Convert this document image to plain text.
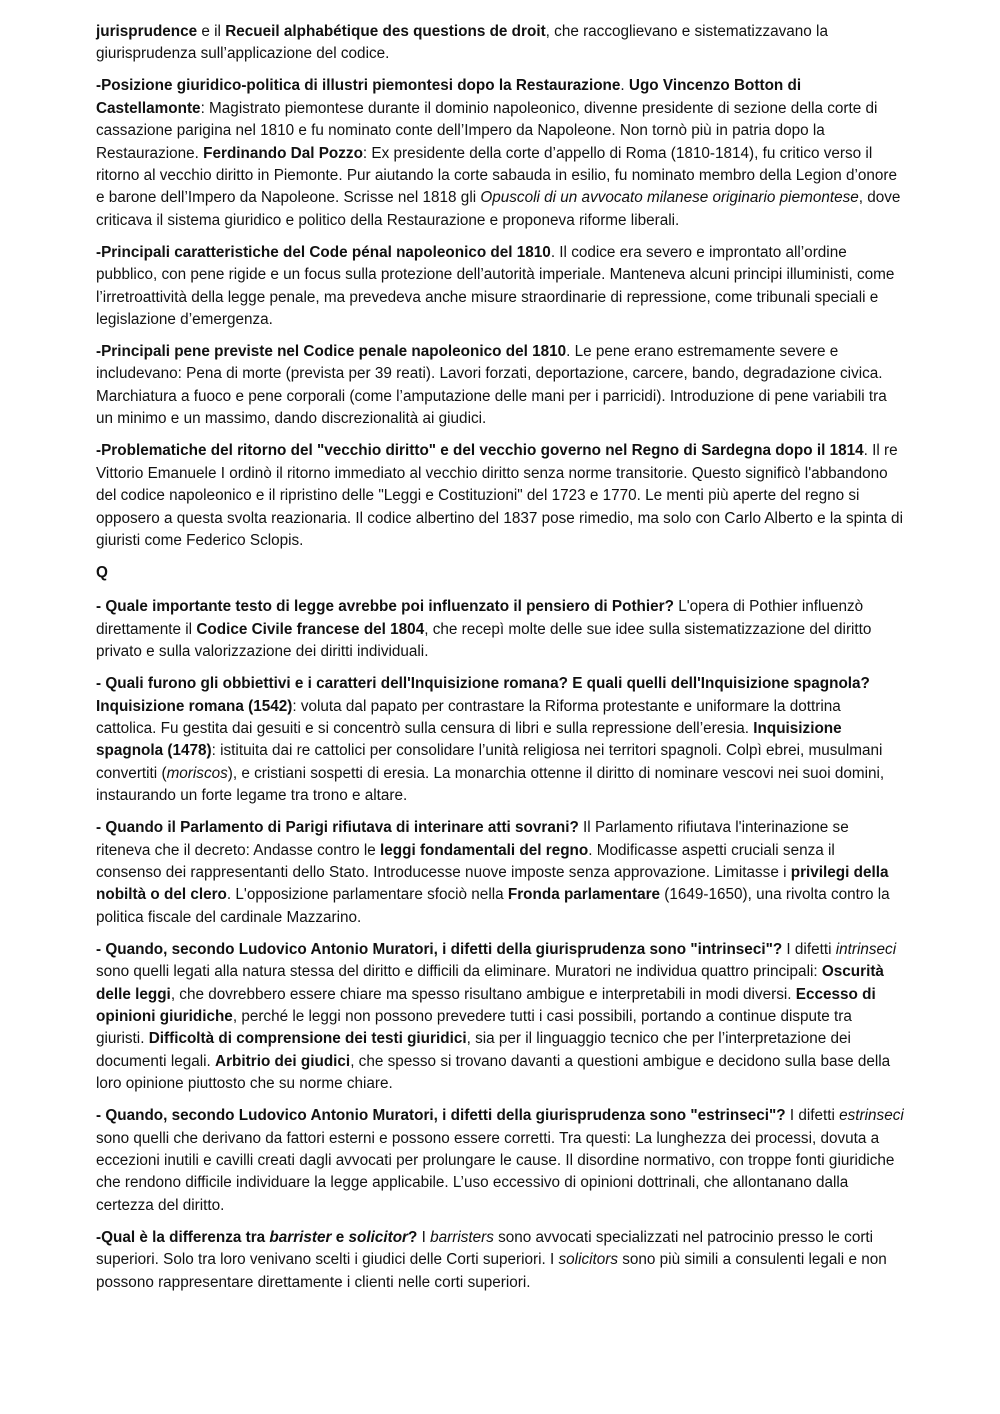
jurisprudence e il Recueil alphabétique des questions de droit, che raccoglievano e sistematizzavano la giurisprudenza sull’applicazione del codice.

-Posizione giuridico-politica di illustri piemontesi dopo la Restaurazione. Ugo Vincenzo Botton di Castellamonte: Magistrato piemontese durante il dominio napoleonico, divenne presidente di sezione della corte di cassazione parigina nel 1810 e fu nominato conte dell’Impero da Napoleone. Non tornò più in patria dopo la Restaurazione. Ferdinando Dal Pozzo: Ex presidente della corte d’appello di Roma (1810-1814), fu critico verso il ritorno al vecchio diritto in Piemonte. Pur aiutando la corte sabauda in esilio, fu nominato membro della Legion d’onore e barone dell’Impero da Napoleone. Scrisse nel 1818 gli Opuscoli di un avvocato milanese originario piemontese, dove criticava il sistema giuridico e politico della Restaurazione e proponeva riforme liberali.

-Principali caratteristiche del Code pénal napoleonico del 1810. Il codice era severo e improntato all’ordine pubblico, con pene rigide e un focus sulla protezione dell’autorità imperiale. Manteneva alcuni principi illuministi, come l’irretroattività della legge penale, ma prevedeva anche misure straordinarie di repressione, come tribunali speciali e legislazione d’emergenza.

-Principali pene previste nel Codice penale napoleonico del 1810. Le pene erano estremamente severe e includevano: Pena di morte (prevista per 39 reati). Lavori forzati, deportazione, carcere, bando, degradazione civica. Marchiatura a fuoco e pene corporali (come l’amputazione delle mani per i parricidi). Introduzione di pene variabili tra un minimo e un massimo, dando discrezionalità ai giudici.

-Problematiche del ritorno del "vecchio diritto" e del vecchio governo nel Regno di Sardegna dopo il 1814. Il re Vittorio Emanuele I ordinò il ritorno immediato al vecchio diritto senza norme transitorie. Questo significò l'abbandono del codice napoleonico e il ripristino delle "Leggi e Costituzioni" del 1723 e 1770. Le menti più aperte del regno si opposero a questa svolta reazionaria. Il codice albertino del 1837 pose rimedio, ma solo con Carlo Alberto e la spinta di giuristi come Federico Sclopis.

Q

- Quale importante testo di legge avrebbe poi influenzato il pensiero di Pothier? L'opera di Pothier influenzò direttamente il Codice Civile francese del 1804, che recepì molte delle sue idee sulla sistematizzazione del diritto privato e sulla valorizzazione dei diritti individuali.

- Quali furono gli obbiettivi e i caratteri dell'Inquisizione romana? E quali quelli dell'Inquisizione spagnola? Inquisizione romana (1542): voluta dal papato per contrastare la Riforma protestante e uniformare la dottrina cattolica. Fu gestita dai gesuiti e si concentrò sulla censura di libri e sulla repressione dell’eresia. Inquisizione spagnola (1478): istituita dai re cattolici per consolidare l’unità religiosa nei territori spagnoli. Colpì ebrei, musulmani convertiti (moriscos), e cristiani sospetti di eresia. La monarchia ottenne il diritto di nominare vescovi nei suoi domini, instaurando un forte legame tra trono e altare.

- Quando il Parlamento di Parigi rifiutava di interinare atti sovrani? Il Parlamento rifiutava l'interinazione se riteneva che il decreto: Andasse contro le leggi fondamentali del regno. Modificasse aspetti cruciali senza il consenso dei rappresentanti dello Stato. Introducesse nuove imposte senza approvazione. Limitasse i privilegi della nobiltà o del clero. L'opposizione parlamentare sfociò nella Fronda parlamentare (1649-1650), una rivolta contro la politica fiscale del cardinale Mazzarino.

- Quando, secondo Ludovico Antonio Muratori, i difetti della giurisprudenza sono "intrinseci"? I difetti intrinseci sono quelli legati alla natura stessa del diritto e difficili da eliminare. Muratori ne individua quattro principali: Oscurità delle leggi, che dovrebbero essere chiare ma spesso risultano ambigue e interpretabili in modi diversi. Eccesso di opinioni giuridiche, perché le leggi non possono prevedere tutti i casi possibili, portando a continue dispute tra giuristi. Difficoltà di comprensione dei testi giuridici, sia per il linguaggio tecnico che per l’interpretazione dei documenti legali. Arbitrio dei giudici, che spesso si trovano davanti a questioni ambigue e decidono sulla base della loro opinione piuttosto che su norme chiare.

- Quando, secondo Ludovico Antonio Muratori, i difetti della giurisprudenza sono "estrinseci"? I difetti estrinseci sono quelli che derivano da fattori esterni e possono essere corretti. Tra questi: La lunghezza dei processi, dovuta a eccezioni inutili e cavilli creati dagli avvocati per prolungare le cause. Il disordine normativo, con troppe fonti giuridiche che rendono difficile individuare la legge applicabile. L’uso eccessivo di opinioni dottrinali, che allontanano dalla certezza del diritto.

-Qual è la differenza tra barrister e solicitor? I barristers sono avvocati specializzati nel patrocinio presso le corti superiori. Solo tra loro venivano scelti i giudici delle Corti superiori. I solicitors sono più simili a consulenti legali e non possono rappresentare direttamente i clienti nelle corti superiori.
